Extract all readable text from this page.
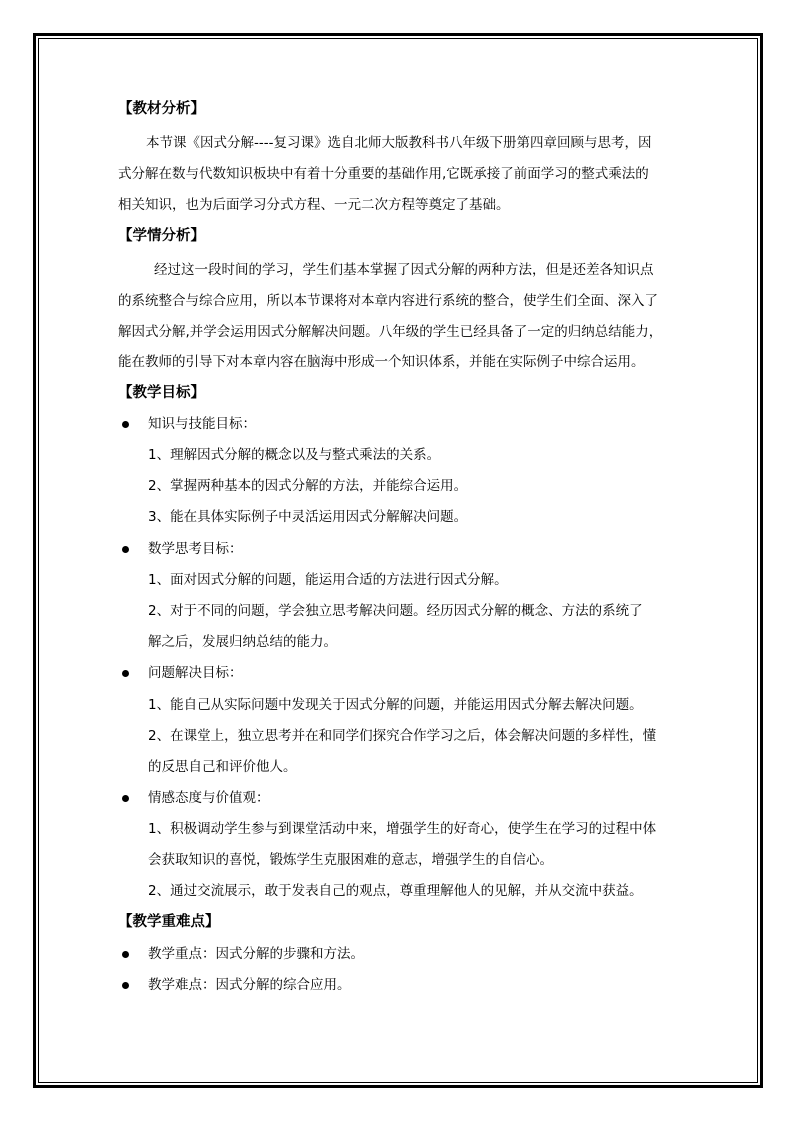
【教材分析】
本节课《因式分解----复习课》选自北师大版教科书八年级下册第四章回顾与思考，因
式分解在数与代数知识板块中有着十分重要的基础作用,它既承接了前面学习的整式乘法的
相关知识，也为后面学习分式方程、一元二次方程等奠定了基础。
【学情分析】
经过这一段时间的学习，学生们基本掌握了因式分解的两种方法，但是还差各知识点
的系统整合与综合应用，所以本节课将对本章内容进行系统的整合，使学生们全面、深入了
解因式分解,并学会运用因式分解解决问题。八年级的学生已经具备了一定的归纳总结能力，
能在教师的引导下对本章内容在脑海中形成一个知识体系，并能在实际例子中综合运用。
【教学目标】
知识与技能目标：
1、理解因式分解的概念以及与整式乘法的关系。
2、掌握两种基本的因式分解的方法，并能综合运用。
3、能在具体实际例子中灵活运用因式分解解决问题。
数学思考目标：
1、面对因式分解的问题，能运用合适的方法进行因式分解。
2、对于不同的问题，学会独立思考解决问题。经历因式分解的概念、方法的系统了
解之后，发展归纳总结的能力。
问题解决目标：
1、能自己从实际问题中发现关于因式分解的问题，并能运用因式分解去解决问题。
2、在课堂上，独立思考并在和同学们探究合作学习之后，体会解决问题的多样性，懂
的反思自己和评价他人。
情感态度与价值观：
1、积极调动学生参与到课堂活动中来，增强学生的好奇心，使学生在学习的过程中体
会获取知识的喜悦，锻炼学生克服困难的意志，增强学生的自信心。
2、通过交流展示，敢于发表自己的观点，尊重理解他人的见解，并从交流中获益。
【教学重难点】
教学重点：因式分解的步骤和方法。
教学难点：因式分解的综合应用。
